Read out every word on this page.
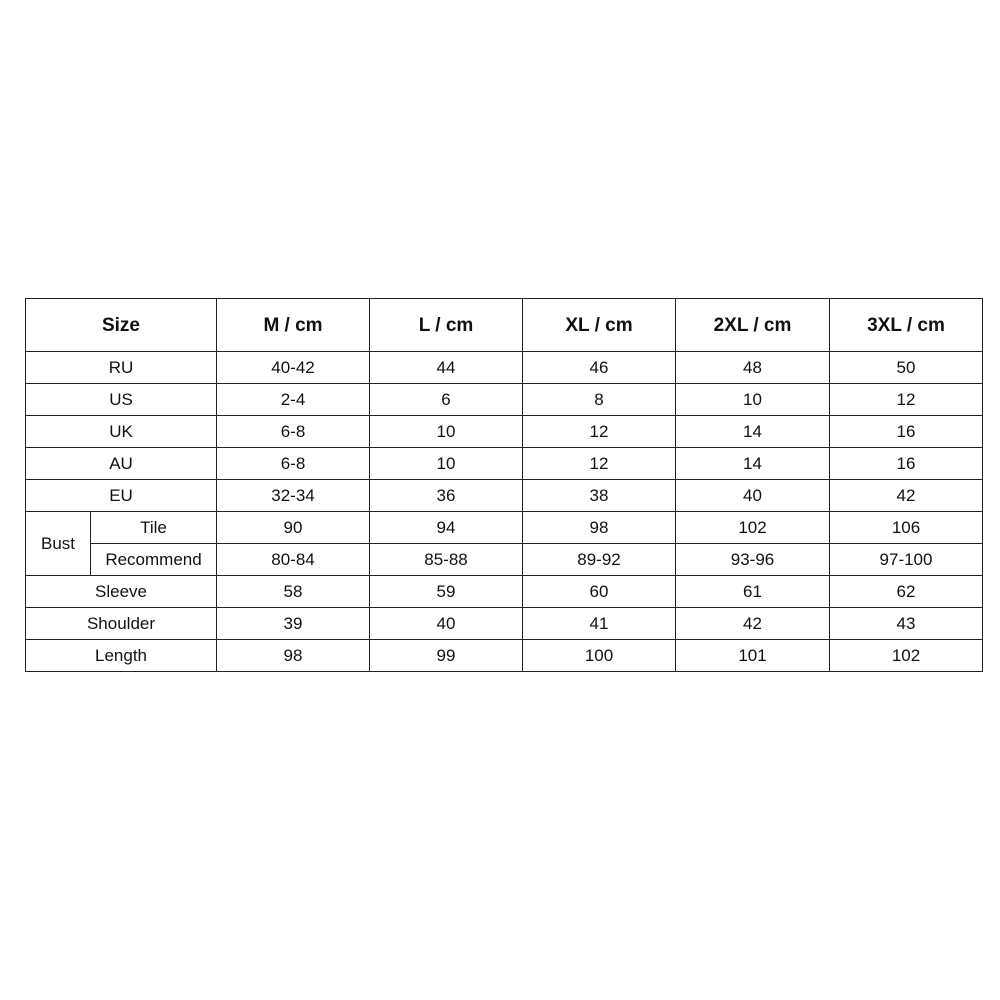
Size		M / cm	L / cm	XL / cm	2XL / cm	3XL / cm
RU		40-42	44	46	48	50
US		2-4	6	8	10	12
UK		6-8	10	12	14	16
AU		6-8	10	12	14	16
EU		32-34	36	38	40	42
Bust	Tile	90	94	98	102	106
	Recommend	80-84	85-88	89-92	93-96	97-100
Sleeve		58	59	60	61	62
Shoulder		39	40	41	42	43
Length		98	99	100	101	102
